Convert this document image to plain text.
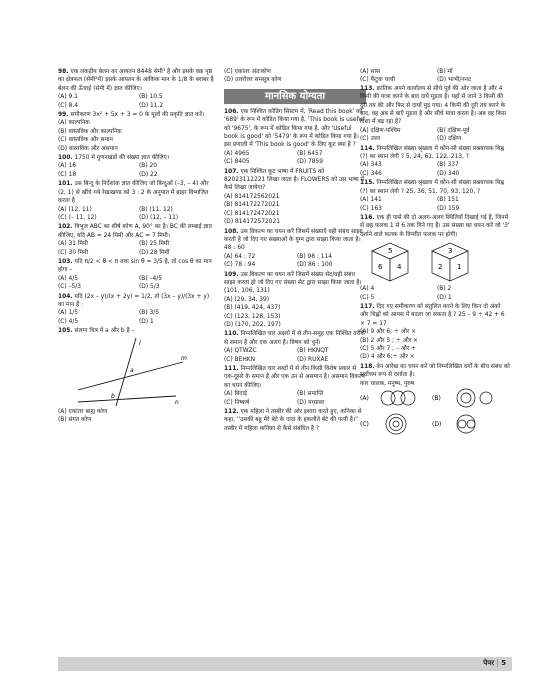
98. एक लकड़ीय बेलन का आयतन 8448 सेमी³ है और इसके वक्र पृष्ठ का क्षेत्रफल (सेमी²में) इसके आयतन के आंकिक मान के 1/8 के बराबर है बेलन की ऊँचाई (सेमी में) ज्ञात कीजिए।
(A) 9.1	(B) 10.5
(C) 8.4	(D) 11.2
99. समीकरण 3x² + 5x + 3 = 0 के मूलों की प्रकृति ज्ञात करें।
(A) काल्पनिक
(B) वास्तविक और काल्पनिक
(C) वास्तविक और समान
(D) वास्तविक और असमान
100. 1750 में गुणनखंडों की संख्या ज्ञात कीजिए।
(A) 16	(B) 20
(C) 18	(D) 22
101. उस बिन्दु के निर्देशांक ज्ञात कीजिए जो बिन्दुओं (–3, – 4) और (2, 1) से खींचे गये रेखाखण्ड को 3 : 2 के अनुपात में बाहर विभाजित करता है
(A) (12, 11)	(B) (11, 12)
(C) (– 11, 12)	(D) (12, – 11)
102. त्रिभुज ABC का शीर्ष कोण A, 90° का है। BC की लम्बाई ज्ञात कीजिए, यदि AB = 24 मिमी और AC = 7 मिमी।
(A) 31 मिमी	(B) 25 मिमी
(C) 30 मिमी	(D) 28 मिमी
103. यदि π/2 < θ < π तथा sin θ = 3/5 है, तो cos θ का मान होगा –
(A) 4/5	(B) –4/5
(C) –5/3	(D) 5/3
104. यदि (2x – y)/(x + 2y) = 1/2, तो (3x – y)/(3x + y) का मान है :
(A) 1/5	(B) 3/5
(C) 4/5	(D) 1
105. संलग्न चित्र में a और b है –
l
m
n
a
b
(A) एकांतर बाह्य कोण
(B) संगत कोण
(C) एकांतर अंतःकोण
(D) उत्तरोत्तर समसूत्र कोण
मानसिक योग्यता
106. एक निश्चित कोडिंग सिस्टम में, 'Read this book' को '689' के रूप में कोडित किया गया है, 'This book is useful' को '9675', के रूप में कोडित किया गया है, और 'Useful book is good' को '5479' के रूप में कोडित किया गया है। इस प्रणाली में 'This book is good' के लिए कूट क्या है ?
(A) 4965	(B) 6457
(C) 8405	(D) 7859
107. एक निश्चित कूट भाषा में FRUITS को 82023112221 लिखा जाता है। FLOWERS को उस भाषा में कैसे लिखा जायेगा?
(A) 814172562021
(B) 814172272021
(C) 814172472021
(D) 814172572021
108. उस विकल्प का चयन करें जिसमें संख्याएँ वही संबंध साझा करती है जो दिए गए संख्याओं के युग्म द्वारा साझा किया जाता है। 48 : 60
(A) 64 : 72	(B) 98 : 114
(C) 78 : 94	(D) 86 : 100
109. उस विकल्प का चयन करें जिसमें संख्या सेट/वही संबंध साझा करता हो जो दिए गए संख्या सेट द्वारा साझा किया जाता है। (101, 106, 131)
(A) (29, 34, 39)
(B) (419, 424, 437)
(C) (123, 128, 153)
(D) (170, 202, 197)
110. निम्नलिखित चार अक्षरों में से तीन-समूह एक निश्चित तरीके से समान हैं और एक अलग है। विषम को चुनें।
(A) QTWZC	(B) HKNQT
(C) BEHKN	(D) RUXAE
111. निम्नलिखित चार शब्दों में से तीन किसी विशेष प्रकार से एक-दूसरे के समान हैं और एक उन से असमान है। असमान विकल्प का चयन कीजिए।
(A) विदाई	(B) समाप्ति
(C) निष्कर्ष	(D) मध्यावर
112. एक महिला ने तस्वीर की ओर इशारा करते हुए, कनिका से कहा, ''उसकी बहू मेरे बेटे के दादा के इकलौते बेटे की पत्नी है।'' तस्वीर में महिला कनिका से कैसे संबंधित है ?
(A) सास	(B) माँ
(C) फैंटुक चाची	(D) भाभी/ननद
113. क्रांतिक अपने कार्यालय से सीधे पूर्व की ओर जाता है और 4 किमी की यात्रा करने के बाद दायें मुड़ता है। यहाँ से जाने 3 किमी की दूरी तय की और फिर से दायाँ मुड़ गया। 4 किमी की दूरी तय करने के बाद, वह अब से बाएँ मुड़ता है और सीधे यात्रा करता है। अब वह किस दिशा में बढ़ रहा है?
(A) दक्षिण-पश्चिम	(B) दक्षिण-पूर्व
(C) उत्तर	(D) दक्षिण
114. निम्नलिखित संख्या श्रृंखला में कौन-सी संख्या प्रश्नवाचक चिह्न (?) का स्थान लेगी ? 5, 24, 61, 122, 213, ?
(A) 343	(B) 337
(C) 346	(D) 340
115. निम्नलिखित संख्या श्रृंखला में कौन-सी संख्या प्रश्नवाचक चिह्न (?) का स्थान लेगी ? 25, 36, 51, 70, 93, 120, ?
(A) 141	(B) 151
(C) 163	(D) 159
116. एक ही पासे की दो अलग-अलग स्थितियाँ दिखाई गई हैं, जिनमें से छह फलक 1 से 6 तक गिने गए हैं। उस संख्या का चयन करें जो '3' दर्शाने वाले फलक के विपरीत फलक पर होगी।
5
6 4
3
2 1
(A) 4	(B) 2
(C) 5	(D) 1
117. दिए गए समीकरण को संतुलित करने के लिए किन दो अंकों और चिह्नों को आपस में बदला जा सकता है ? 25 – 9 ÷ 42 + 6 × 7 = 17
(A) 9 और 6; ÷ और ×
(B) 2 और 5 ; ÷ और ×
(C) 5 और 7 ; – और +
(D) 4 और 6;÷ और ×
118. वेन आरेख का चयन करें जो निम्नलिखित वर्गों के बीच संबंध को सर्वोत्तम रूप से दर्शाता है।
कार चालक, मनुष्य, पुरुष
(A)	(B)
(C)	(D)
पेपर 5
